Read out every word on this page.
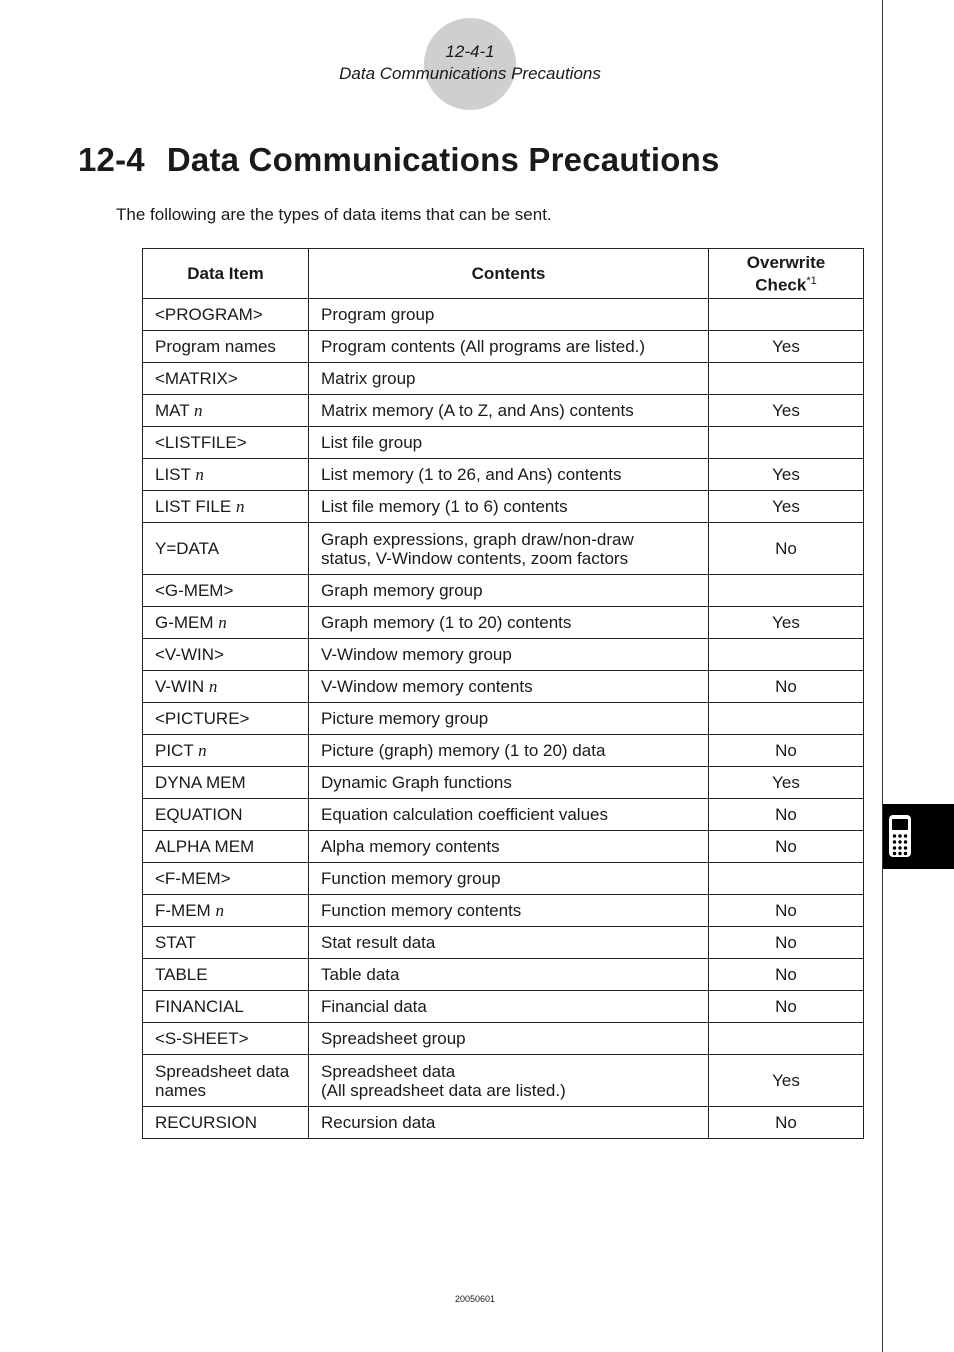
12-4-1
Data Communications Precautions
12-4 Data Communications Precautions
The following are the types of data items that can be sent.
Data Item	Contents	Overwrite
Check$^{*1}$
<PROGRAM>	Program group	
Program names	Program contents (All programs are listed.)	Yes
<MATRIX>	Matrix group	
MAT n	Matrix memory (A to Z, and Ans) contents	Yes
<LISTFILE>	List file group	
LIST n	List memory (1 to 26, and Ans) contents	Yes
LIST FILE n	List file memory (1 to 6) contents	Yes
Y=DATA	Graph expressions, graph draw/non-draw
status, V-Window contents, zoom factors	No
<G-MEM>	Graph memory group	
G-MEM n	Graph memory (1 to 20) contents	Yes
<V-WIN>	V-Window memory group	
V-WIN n	V-Window memory contents	No
<PICTURE>	Picture memory group	
PICT n	Picture (graph) memory (1 to 20) data	No
DYNA MEM	Dynamic Graph functions	Yes
EQUATION	Equation calculation coefficient values	No
ALPHA MEM	Alpha memory contents	No
<F-MEM>	Function memory group	
F-MEM n	Function memory contents	No
STAT	Stat result data	No
TABLE	Table data	No
FINANCIAL	Financial data	No
<S-SHEET>	Spreadsheet group	
Spreadsheet data
names	Spreadsheet data
(All spreadsheet data are listed.)	Yes
RECURSION	Recursion data	No
20050601
